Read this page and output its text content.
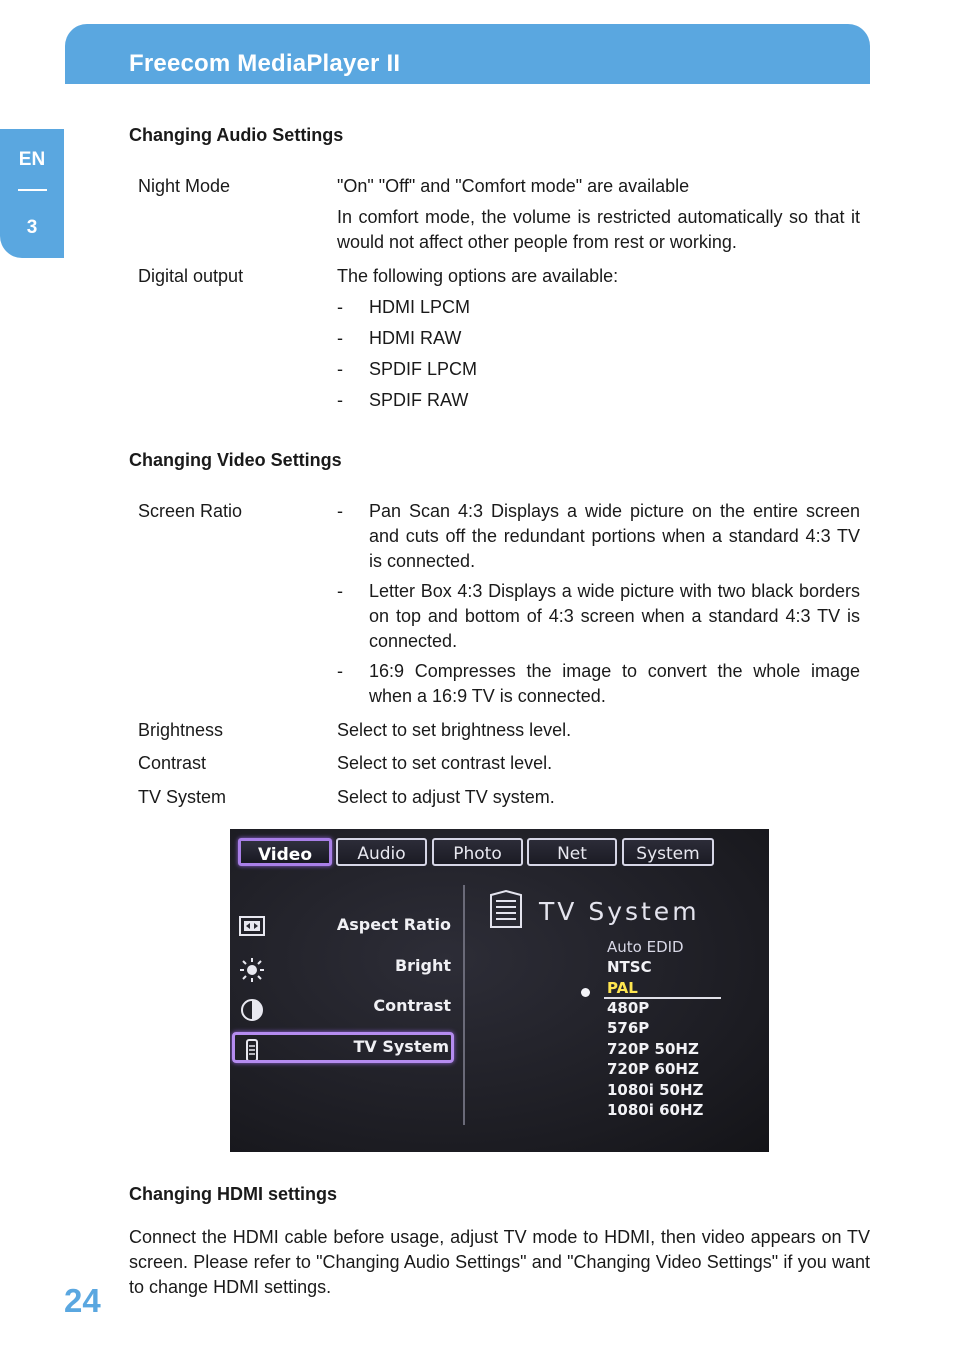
Freecom MediaPlayer II
EN
3
Changing Audio Settings
Night Mode	"On" "Off" and "Comfort mode" are available
In comfort mode, the volume is restricted automatically so that it would not affect other people from rest or working.
Digital output	The following options are available:
- HDMI LPCM
- HDMI RAW
- SPDIF LPCM
- SPDIF RAW
Changing Video Settings
Screen Ratio	- Pan Scan 4:3 Displays a wide picture on the entire screen and cuts off the redundant portions when a standard 4:3 TV is connected.
- Letter Box 4:3 Displays a wide picture with two black borders on top and bottom of 4:3 screen when a standard 4:3 TV is connected.
- 16:9 Compresses the image to convert the whole image when a 16:9 TV is connected.
Brightness	Select to set brightness level.
Contrast	Select to set contrast level.
TV System	Select to adjust TV system.
Video	Audio	Photo	Net	System
Aspect Ratio
Bright
Contrast
TV System
TV System
Auto EDID
NTSC
PAL
480P
576P
720P 50HZ
720P 60HZ
1080i 50HZ
1080i 60HZ
Changing HDMI settings

Connect the HDMI cable before usage, adjust TV mode to HDMI, then video appears on TV screen. Please refer to "Changing Audio Settings" and "Changing Video Settings" if you want to change HDMI settings.

24
